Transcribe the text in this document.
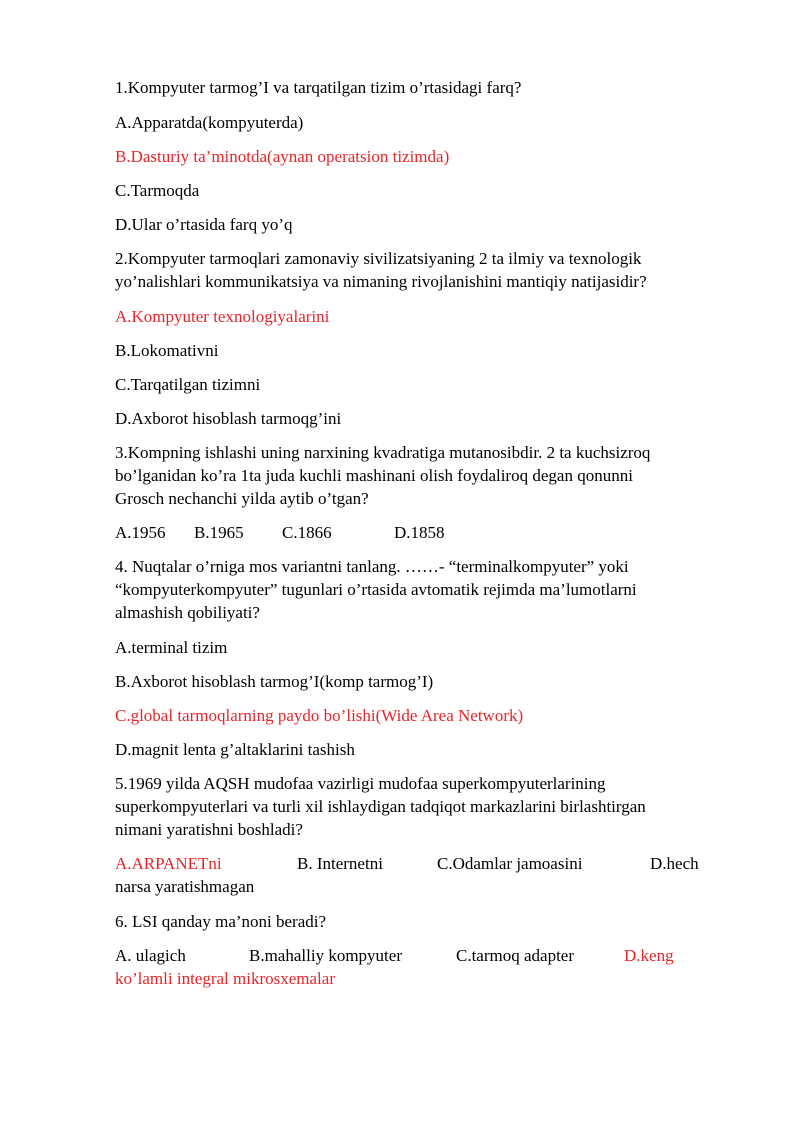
1.Kompyuter tarmog’I va tarqatilgan tizim o’rtasidagi farq?

A.Apparatda(kompyuterda)

B.Dasturiy ta’minotda(aynan operatsion tizimda)

C.Tarmoqda

D.Ular o’rtasida farq yo’q

2.Kompyuter tarmoqlari zamonaviy sivilizatsiyaning 2 ta ilmiy va texnologik
yo’nalishlari kommunikatsiya va nimaning rivojlanishini mantiqiy natijasidir?

A.Kompyuter texnologiyalarini

B.Lokomativni

C.Tarqatilgan tizimni

D.Axborot hisoblash tarmoqg’ini

3.Kompning ishlashi uning narxining kvadratiga mutanosibdir. 2 ta kuchsizroq
bo’lganidan ko’ra 1ta juda kuchli mashinani olish foydaliroq degan qonunni
Grosch nechanchi yilda aytib o’tgan?

A.1956 B.1965 C.1866	D.1858

4. Nuqtalar o’rniga mos variantni tanlang. ……- “terminalkompyuter” yoki
“kompyuterkompyuter” tugunlari o’rtasida avtomatik rejimda ma’lumotlarni
almashish qobiliyati?

A.terminal tizim

B.Axborot hisoblash tarmog’I(komp tarmog’I)

C.global tarmoqlarning paydo bo’lishi(Wide Area Network)

D.magnit lenta g’altaklarini tashish

5.1969 yilda AQSH mudofaa vazirligi mudofaa superkompyuterlarining
superkompyuterlari va turli xil ishlaydigan tadqiqot markazlarini birlashtirgan
nimani yaratishni boshladi?

A.ARPANETni	B. Internetni	C.Odamlar jamoasini	D.hech
narsa yaratishmagan

6. LSI qanday ma’noni beradi?

A. ulagich	B.mahalliy kompyuter	C.tarmoq adapter	D.keng
ko’lamli integral mikrosxemalar
